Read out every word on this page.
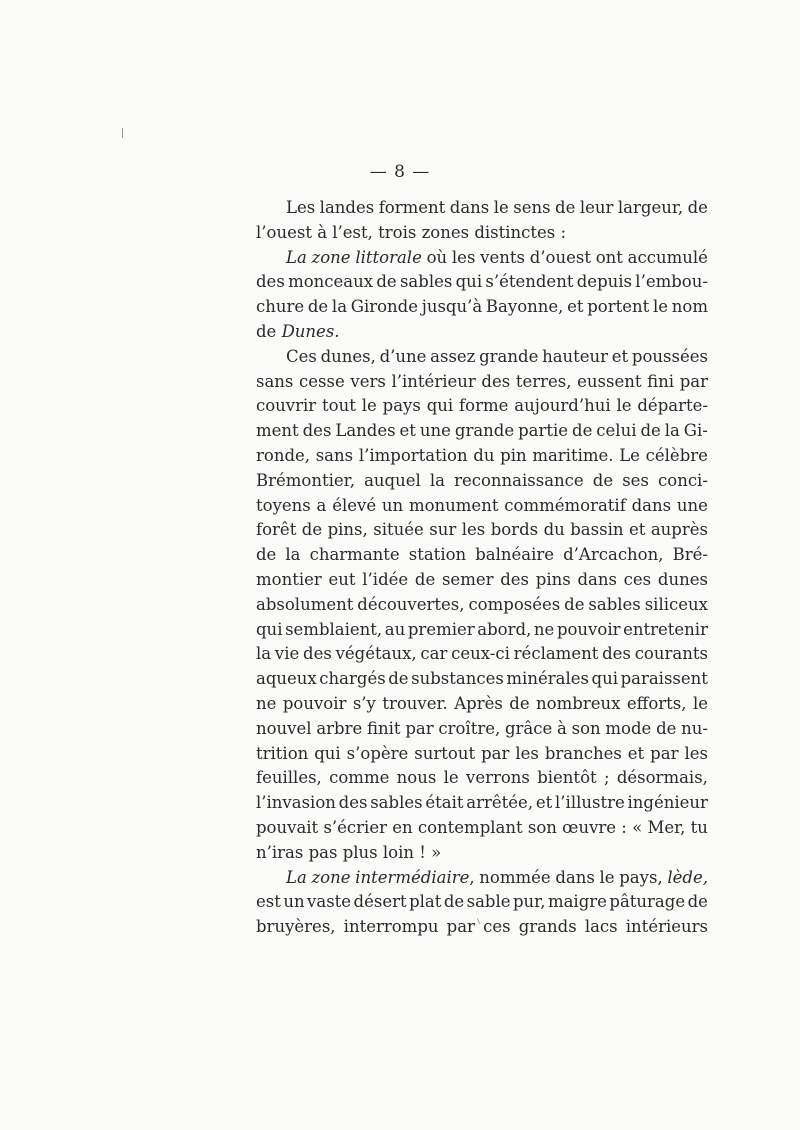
— 8 —
Les landes forment dans le sens de leur largeur, de
l’ouest à l’est, trois zones distinctes :
La zone littorale où les vents d’ouest ont accumulé
des monceaux de sables qui s’étendent depuis l’embou-
chure de la Gironde jusqu’à Bayonne, et portent le nom
de Dunes.
Ces dunes, d’une assez grande hauteur et poussées
sans cesse vers l’intérieur des terres, eussent fini par
couvrir tout le pays qui forme aujourd’hui le départe-
ment des Landes et une grande partie de celui de la Gi-
ronde, sans l’importation du pin maritime. Le célèbre
Brémontier, auquel la reconnaissance de ses conci-
toyens a élevé un monument commémoratif dans une
forêt de pins, située sur les bords du bassin et auprès
de la charmante station balnéaire d’Arcachon, Bré-
montier eut l’idée de semer des pins dans ces dunes
absolument découvertes, composées de sables siliceux
qui semblaient, au premier abord, ne pouvoir entretenir
la vie des végétaux, car ceux-ci réclament des courants
aqueux chargés de substances minérales qui paraissent
ne pouvoir s’y trouver. Après de nombreux efforts, le
nouvel arbre finit par croître, grâce à son mode de nu-
trition qui s’opère surtout par les branches et par les
feuilles, comme nous le verrons bientôt ; désormais,
l’invasion des sables était arrêtée, et l’illustre ingénieur
pouvait s’écrier en contemplant son œuvre : « Mer, tu
n’iras pas plus loin ! »
La zone intermédiaire, nommée dans le pays, lède,
est un vaste désert plat de sable pur, maigre pâturage de
bruyères, interrompu par ces grands lacs intérieurs
